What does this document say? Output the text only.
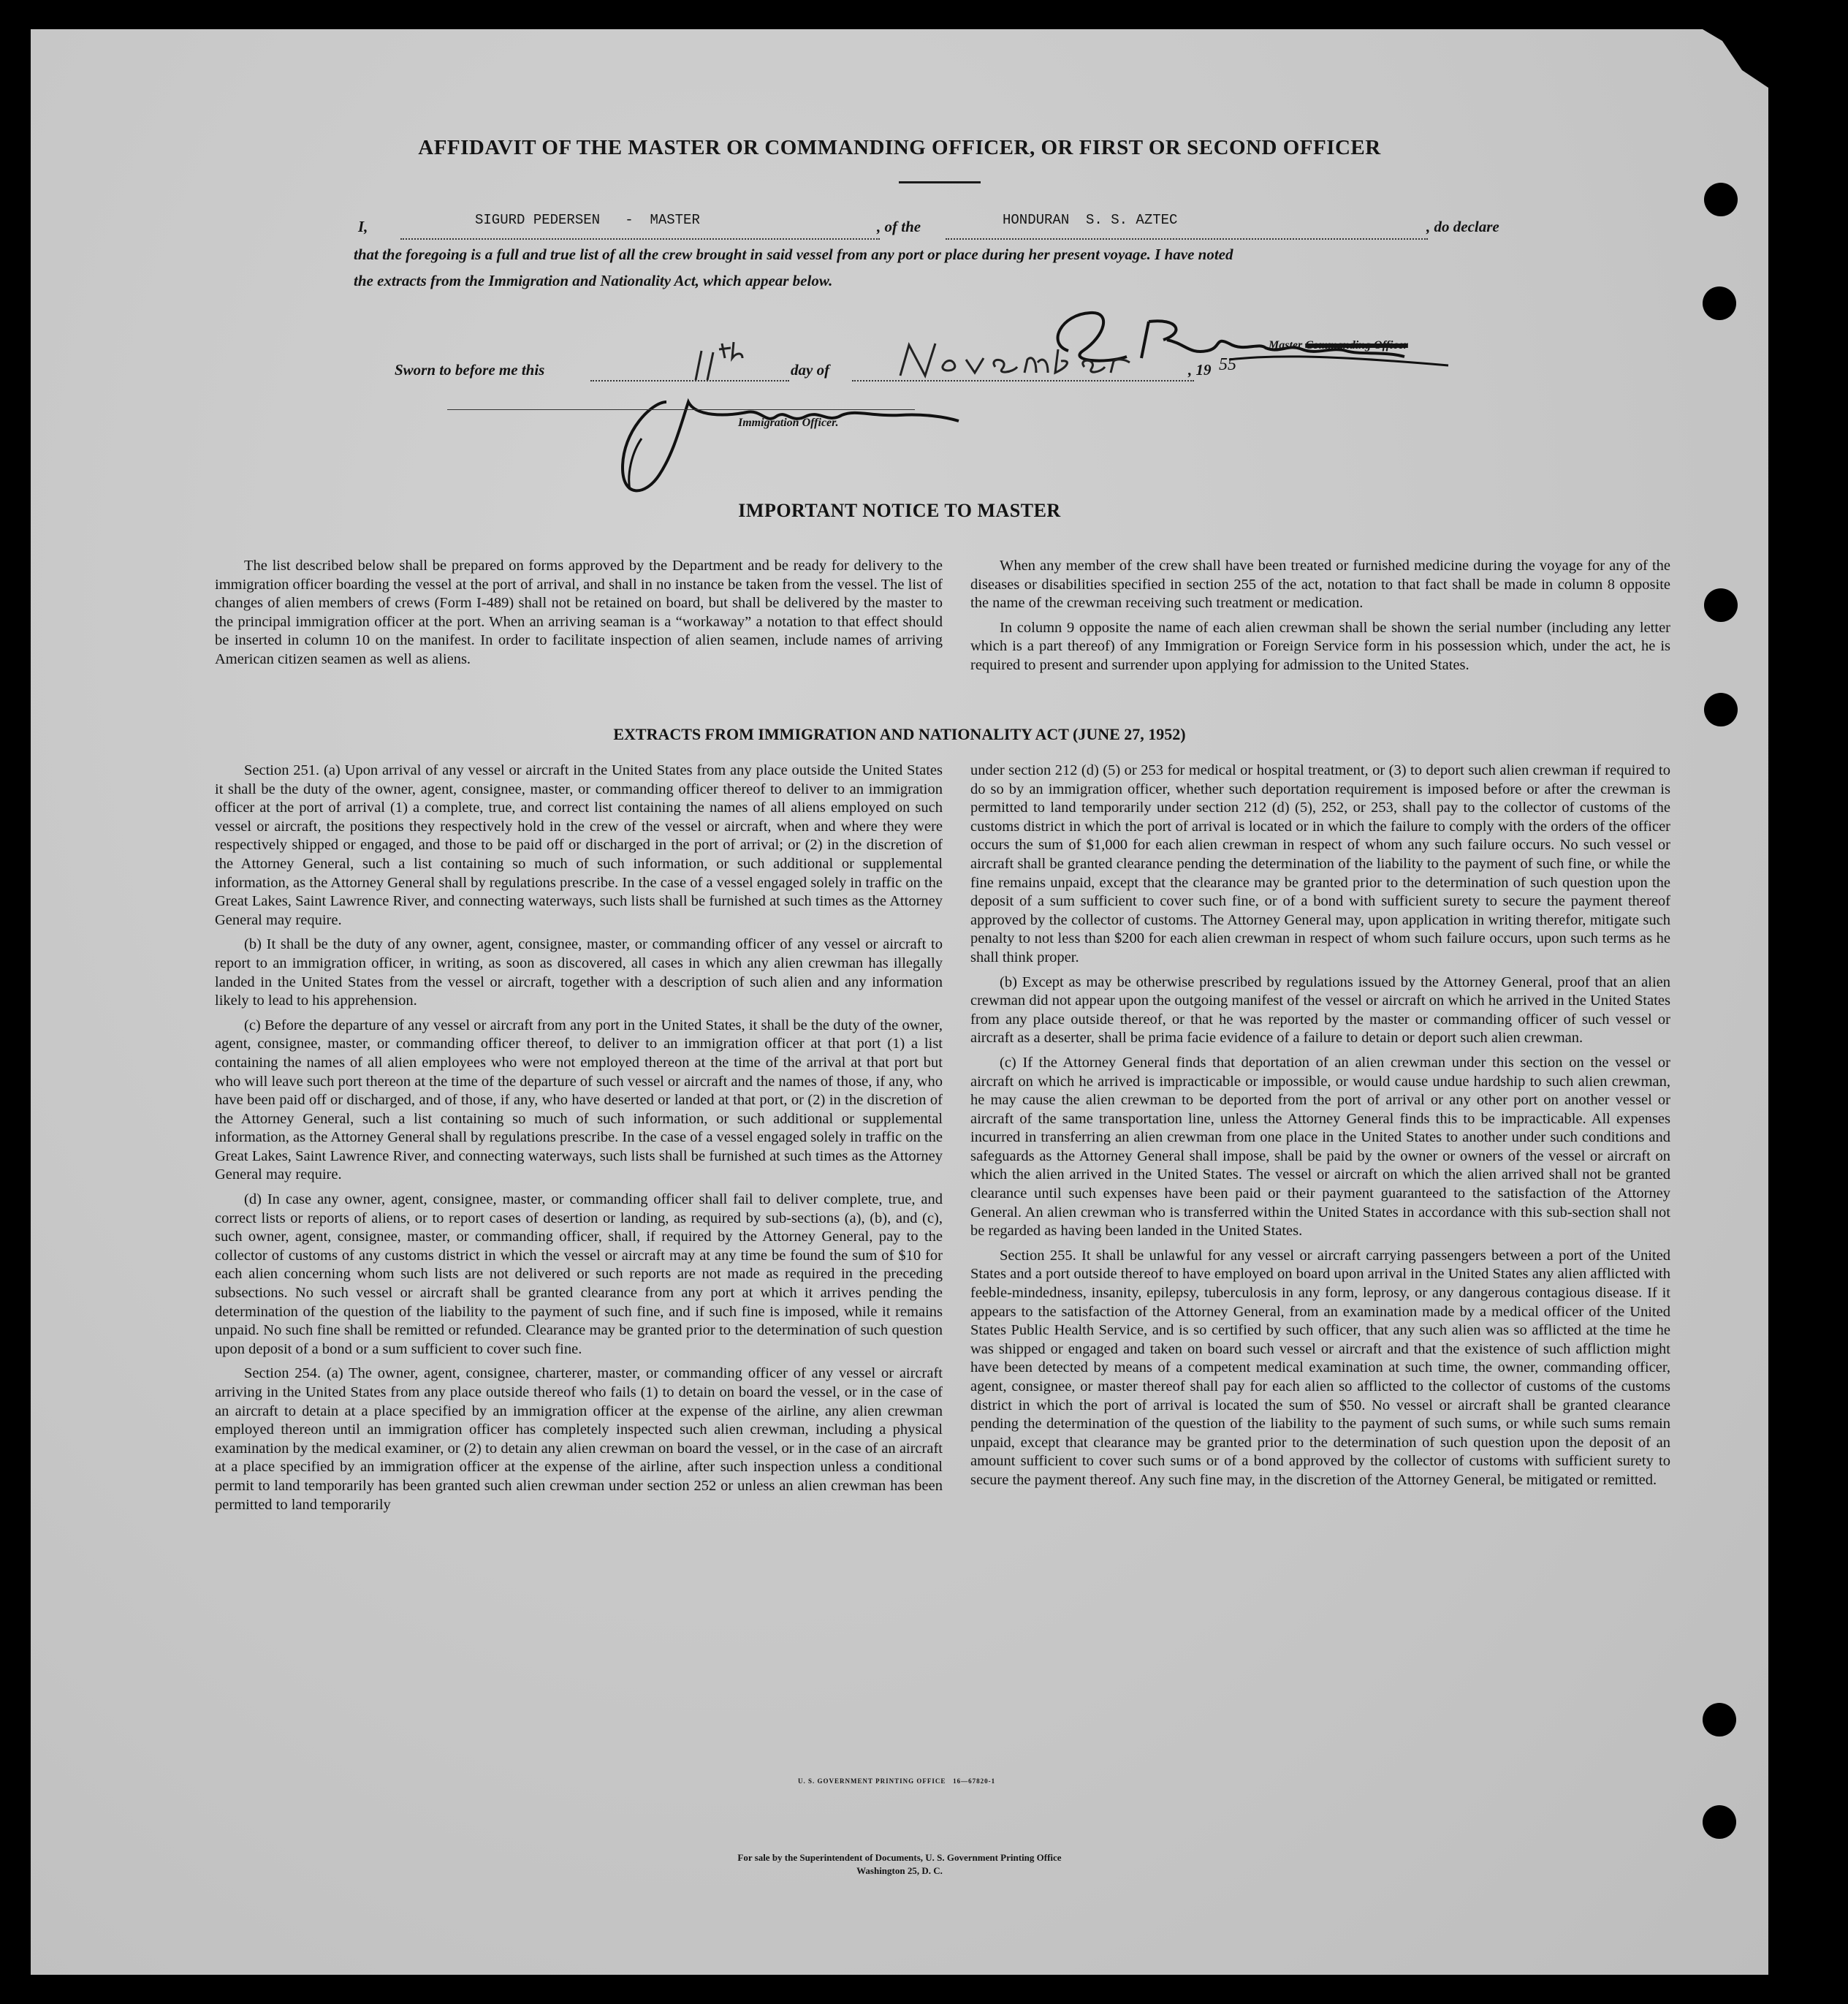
AFFIDAVIT OF THE MASTER OR COMMANDING OFFICER, OR FIRST OR SECOND OFFICER
I,	SIGURD PEDERSEN   -  MASTER	, of the	HONDURAN  S. S. AZTEC	, do declare
that the foregoing is a full and true list of all the crew brought in said vessel from any port or place during her present voyage. I have noted
the extracts from the Immigration and Nationality Act, which appear below.
Master Commanding Officer
Sworn to before me this	day of	, 19 55
Immigration Officer.
IMPORTANT NOTICE TO MASTER

The list described below shall be prepared on forms approved by the Department and be ready for delivery to the immigration officer boarding the vessel at the port of arrival, and shall in no instance be taken from the vessel. The list of changes of alien members of crews (Form I-489) shall not be retained on board, but shall be delivered by the master to the principal immigration officer at the port. When an arriving seaman is a “workaway” a notation to that effect should be inserted in column 10 on the manifest. In order to facilitate inspection of alien seamen, include names of arriving American citizen seamen as well as aliens.

When any member of the crew shall have been treated or furnished medicine during the voyage for any of the diseases or disabilities specified in section 255 of the act, notation to that fact shall be made in column 8 opposite the name of the crewman receiving such treatment or medication.

In column 9 opposite the name of each alien crewman shall be shown the serial number (including any letter which is a part thereof) of any Immigration or Foreign Service form in his possession which, under the act, he is required to present and surrender upon applying for admission to the United States.

EXTRACTS FROM IMMIGRATION AND NATIONALITY ACT (JUNE 27, 1952)

Section 251. (a) Upon arrival of any vessel or aircraft in the United States from any place outside the United States it shall be the duty of the owner, agent, consignee, master, or commanding officer thereof to deliver to an immigration officer at the port of arrival (1) a complete, true, and correct list containing the names of all aliens employed on such vessel or aircraft, the positions they respectively hold in the crew of the vessel or aircraft, when and where they were respectively shipped or engaged, and those to be paid off or discharged in the port of arrival; or (2) in the discretion of the Attorney General, such a list containing so much of such information, or such additional or supplemental information, as the Attorney General shall by regulations prescribe. In the case of a vessel engaged solely in traffic on the Great Lakes, Saint Lawrence River, and connecting waterways, such lists shall be furnished at such times as the Attorney General may require.

(b) It shall be the duty of any owner, agent, consignee, master, or commanding officer of any vessel or aircraft to report to an immigration officer, in writing, as soon as discovered, all cases in which any alien crewman has illegally landed in the United States from the vessel or aircraft, together with a description of such alien and any information likely to lead to his apprehension.

(c) Before the departure of any vessel or aircraft from any port in the United States, it shall be the duty of the owner, agent, consignee, master, or commanding officer thereof, to deliver to an immigration officer at that port (1) a list containing the names of all alien employees who were not employed thereon at the time of the arrival at that port but who will leave such port thereon at the time of the departure of such vessel or aircraft and the names of those, if any, who have been paid off or discharged, and of those, if any, who have deserted or landed at that port, or (2) in the discretion of the Attorney General, such a list containing so much of such information, or such additional or supplemental information, as the Attorney General shall by regulations prescribe. In the case of a vessel engaged solely in traffic on the Great Lakes, Saint Lawrence River, and connecting waterways, such lists shall be furnished at such times as the Attorney General may require.

(d) In case any owner, agent, consignee, master, or commanding officer shall fail to deliver complete, true, and correct lists or reports of aliens, or to report cases of desertion or landing, as required by sub-sections (a), (b), and (c), such owner, agent, consignee, master, or commanding officer, shall, if required by the Attorney General, pay to the collector of customs of any customs district in which the vessel or aircraft may at any time be found the sum of $10 for each alien concerning whom such lists are not delivered or such reports are not made as required in the preceding subsections. No such vessel or aircraft shall be granted clearance from any port at which it arrives pending the determination of the question of the liability to the payment of such fine, and if such fine is imposed, while it remains unpaid. No such fine shall be remitted or refunded. Clearance may be granted prior to the determination of such question upon deposit of a bond or a sum sufficient to cover such fine.

Section 254. (a) The owner, agent, consignee, charterer, master, or commanding officer of any vessel or aircraft arriving in the United States from any place outside thereof who fails (1) to detain on board the vessel, or in the case of an aircraft to detain at a place specified by an immigration officer at the expense of the airline, any alien crewman employed thereon until an immigration officer has completely inspected such alien crewman, including a physical examination by the medical examiner, or (2) to detain any alien crewman on board the vessel, or in the case of an aircraft at a place specified by an immigration officer at the expense of the airline, after such inspection unless a conditional permit to land temporarily has been granted such alien crewman under section 252 or unless an alien crewman has been permitted to land temporarily

under section 212 (d) (5) or 253 for medical or hospital treatment, or (3) to deport such alien crewman if required to do so by an immigration officer, whether such deportation requirement is imposed before or after the crewman is permitted to land temporarily under section 212 (d) (5), 252, or 253, shall pay to the collector of customs of the customs district in which the port of arrival is located or in which the failure to comply with the orders of the officer occurs the sum of $1,000 for each alien crewman in respect of whom any such failure occurs. No such vessel or aircraft shall be granted clearance pending the determination of the liability to the payment of such fine, or while the fine remains unpaid, except that the clearance may be granted prior to the determination of such question upon the deposit of a sum sufficient to cover such fine, or of a bond with sufficient surety to secure the payment thereof approved by the collector of customs. The Attorney General may, upon application in writing therefor, mitigate such penalty to not less than $200 for each alien crewman in respect of whom such failure occurs, upon such terms as he shall think proper.

(b) Except as may be otherwise prescribed by regulations issued by the Attorney General, proof that an alien crewman did not appear upon the outgoing manifest of the vessel or aircraft on which he arrived in the United States from any place outside thereof, or that he was reported by the master or commanding officer of such vessel or aircraft as a deserter, shall be prima facie evidence of a failure to detain or deport such alien crewman.

(c) If the Attorney General finds that deportation of an alien crewman under this section on the vessel or aircraft on which he arrived is impracticable or impossible, or would cause undue hardship to such alien crewman, he may cause the alien crewman to be deported from the port of arrival or any other port on another vessel or aircraft of the same transportation line, unless the Attorney General finds this to be impracticable. All expenses incurred in transferring an alien crewman from one place in the United States to another under such conditions and safeguards as the Attorney General shall impose, shall be paid by the owner or owners of the vessel or aircraft on which the alien arrived in the United States. The vessel or aircraft on which the alien arrived shall not be granted clearance until such expenses have been paid or their payment guaranteed to the satisfaction of the Attorney General. An alien crewman who is transferred within the United States in accordance with this sub-section shall not be regarded as having been landed in the United States.

Section 255. It shall be unlawful for any vessel or aircraft carrying passengers between a port of the United States and a port outside thereof to have employed on board upon arrival in the United States any alien afflicted with feeble-mindedness, insanity, epilepsy, tuberculosis in any form, leprosy, or any dangerous contagious disease. If it appears to the satisfaction of the Attorney General, from an examination made by a medical officer of the United States Public Health Service, and is so certified by such officer, that any such alien was so afflicted at the time he was shipped or engaged and taken on board such vessel or aircraft and that the existence of such affliction might have been detected by means of a competent medical examination at such time, the owner, commanding officer, agent, consignee, or master thereof shall pay for each alien so afflicted to the collector of customs of the customs district in which the port of arrival is located the sum of $50. No vessel or aircraft shall be granted clearance pending the determination of the question of the liability to the payment of such sums, or while such sums remain unpaid, except that clearance may be granted prior to the determination of such question upon the deposit of an amount sufficient to cover such sums or of a bond approved by the collector of customs with sufficient surety to secure the payment thereof. Any such fine may, in the discretion of the Attorney General, be mitigated or remitted.

U. S. GOVERNMENT PRINTING OFFICE   16—67820-1
For sale by the Superintendent of Documents, U. S. Government Printing Office
Washington 25, D. C.
